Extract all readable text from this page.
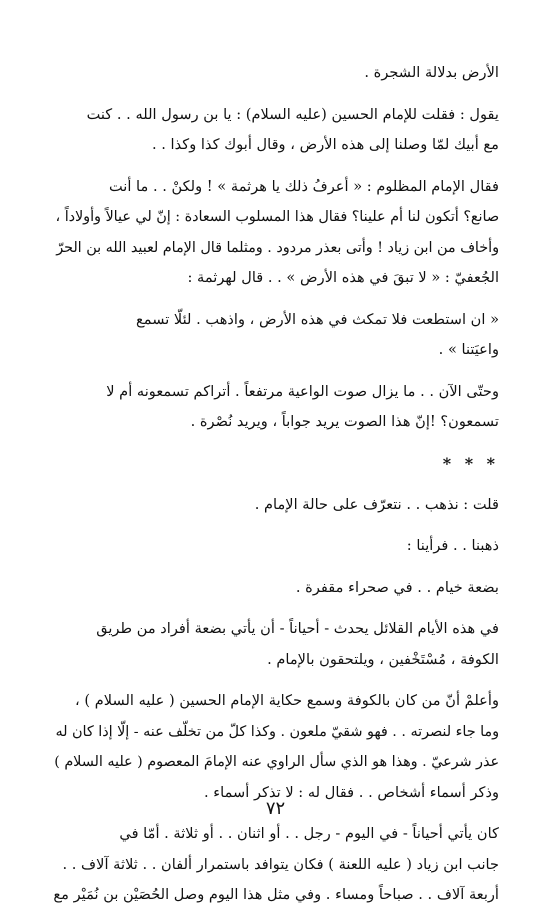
الأرض بدلالة الشجرة .
يقول : فقلت للإمام الحسين (عليه السلام) : يا بن رسول الله . . كنت
مع أبيك لمّا وصلنا إلى هذه الأرض ، وقال أبوك كذا وكذا . .
فقال الإمام المظلوم : « أعرفُ ذلك يا هرثمة » ! ولكنْ . . ما أنت
صانع؟ أتكون لنا أم علينا؟ فقال هذا المسلوب السعادة : إنّ لي عيالاً وأولاداً ،
وأخاف من ابن زياد ! وأتى بعذر مردود . ومثلما قال الإمام لعبيد الله بن الحرّ
الجُعفيّ : « لا تبقَ في هذه الأرض » . . قال لهرثمة :
« ان استطعت فلا تمكث في هذه الأرض ، واذهب . لئلّا تسمع
واعيَتنا » .
وحتّى الآن . . ما يزال صوت الواعية مرتفعاً . أتراكم تسمعونه أم لا
تسمعون؟ !إنّ هذا الصوت يريد جواباً ، ويريد نُصْرة .
* * *
قلت : نذهب . . نتعرّف على حالة الإمام .
ذهبنا . . فرأينا :
بضعة خيام . . في صحراء مقفرة .
في هذه الأيام القلائل يحدث - أحياناً - أن يأتي بضعة أفراد من طريق
الكوفة ، مُسْتَخْفين ، ويلتحقون بالإمام .
وأعلمْ أنّ من كان بالكوفة وسمع حكاية الإمام الحسين ( عليه السلام ) ،
وما جاء لنصرته . . فهو شقيّ ملعون . وكذا كلّ من تخلّف عنه - إلّا إذا كان له
عذر شرعيّ . وهذا هو الذي سأل الراوي عنه الإمامَ المعصوم ( عليه السلام )
وذكر أسماء أشخاص . . فقال له : لا تذكر أسماء .
كان يأتي أحياناً - في اليوم - رجل . . أو اثنان . . أو ثلاثة . أمّا في
جانب ابن زياد ( عليه اللعنة ) فكان يتوافد باستمرار ألفان . . ثلاثة آلاف . .
أربعة آلاف . . صباحاً ومساء . وفي مثل هذا اليوم وصل الحُصَيْن بن نُمَيْر مع
٧٢
